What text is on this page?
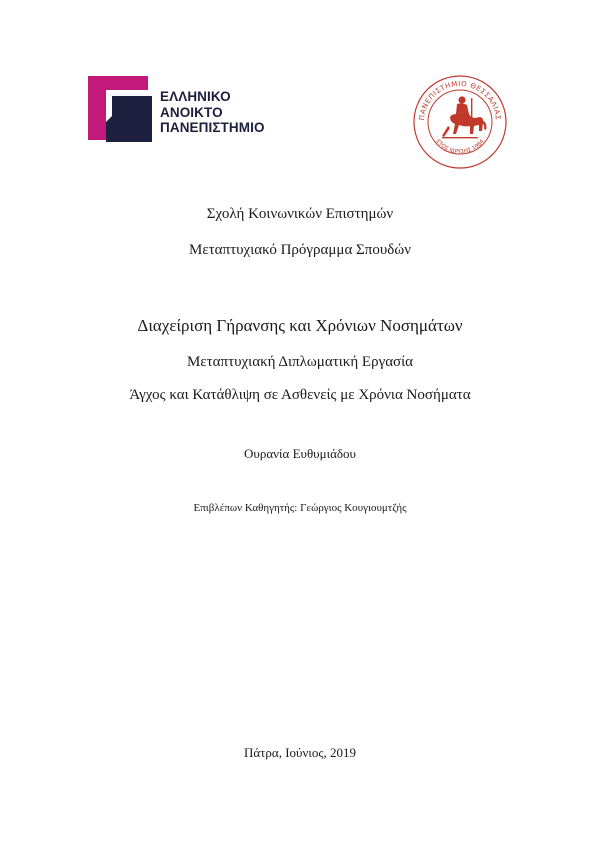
ΕΛΛΗΝΙΚΟ
ΑΝΟΙΚΤΟ
ΠΑΝΕΠΙΣΤΗΜΙΟ
ΠΑΝΕΠΙΣΤΗΜΙΟ ΘΕΣΣΑΛΙΑΣ
ΕΤΟΣ ΙΔΡΥΣΗΣ 1984
Σχολή Κοινωνικών Επιστημών
Μεταπτυχιακό Πρόγραμμα Σπουδών
Διαχείριση Γήρανσης και Χρόνιων Νοσημάτων
Μεταπτυχιακή Διπλωματική Εργασία
Άγχος και Κατάθλιψη σε Ασθενείς με Χρόνια Νοσήματα
Ουρανία Ευθυμιάδου
Επιβλέπων Καθηγητής: Γεώργιος Κουγιουμτζής
Πάτρα, Ιούνιος, 2019
